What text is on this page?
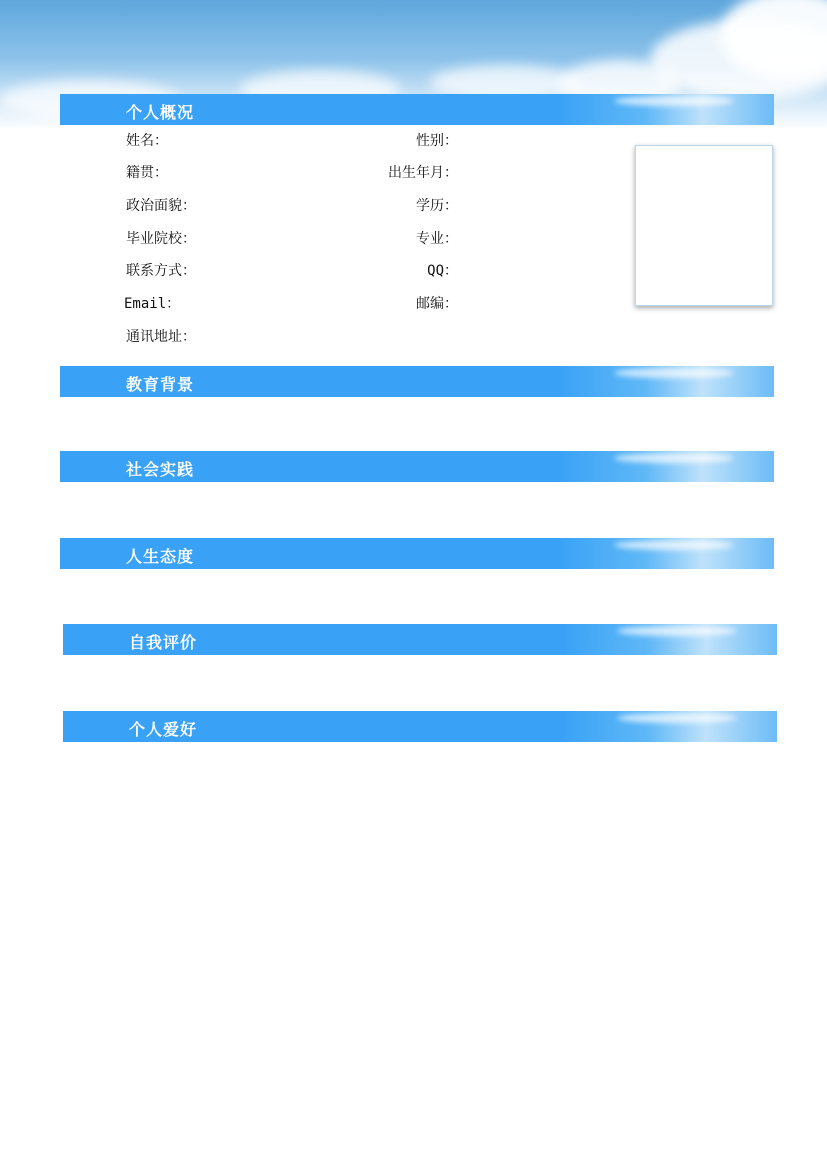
个人概况
姓名：	性别：
籍贯：	出生年月：
政治面貌：	学历：
毕业院校：	专业：
联系方式：	QQ：
Email：	邮编：
通讯地址：
教育背景
社会实践
人生态度
自我评价
个人爱好
